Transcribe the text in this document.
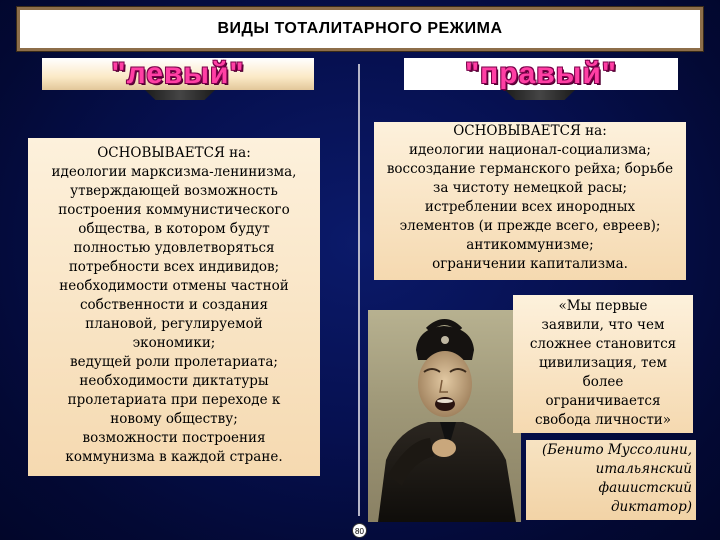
ВИДЫ ТОТАЛИТАРНОГО РЕЖИМА
"левый"	"правый"
ОСНОВЫВАЕТСЯ на:
идеологии марксизма-ленинизма,
утверждающей возможность
построения коммунистического
общества, в котором будут
полностью удовлетворяться
потребности всех индивидов;
необходимости отмены частной
собственности и создания
плановой, регулируемой
экономики;
ведущей роли пролетариата;
необходимости диктатуры
пролетариата при переходе к
новому обществу;
возможности построения
коммунизма в каждой стране.
ОСНОВЫВАЕТСЯ на:
идеологии национал-социализма;
воссоздание германского рейха; борьбе
за чистоту немецкой расы;
истреблении всех инородных
элементов (и прежде всего, евреев);
антикоммунизме;
ограничении капитализма.
«Мы первые
заявили, что чем
сложнее становится
цивилизация, тем
более
ограничивается
свобода личности»
(Бенито Муссолини,
итальянский
фашистский
диктатор)
80
